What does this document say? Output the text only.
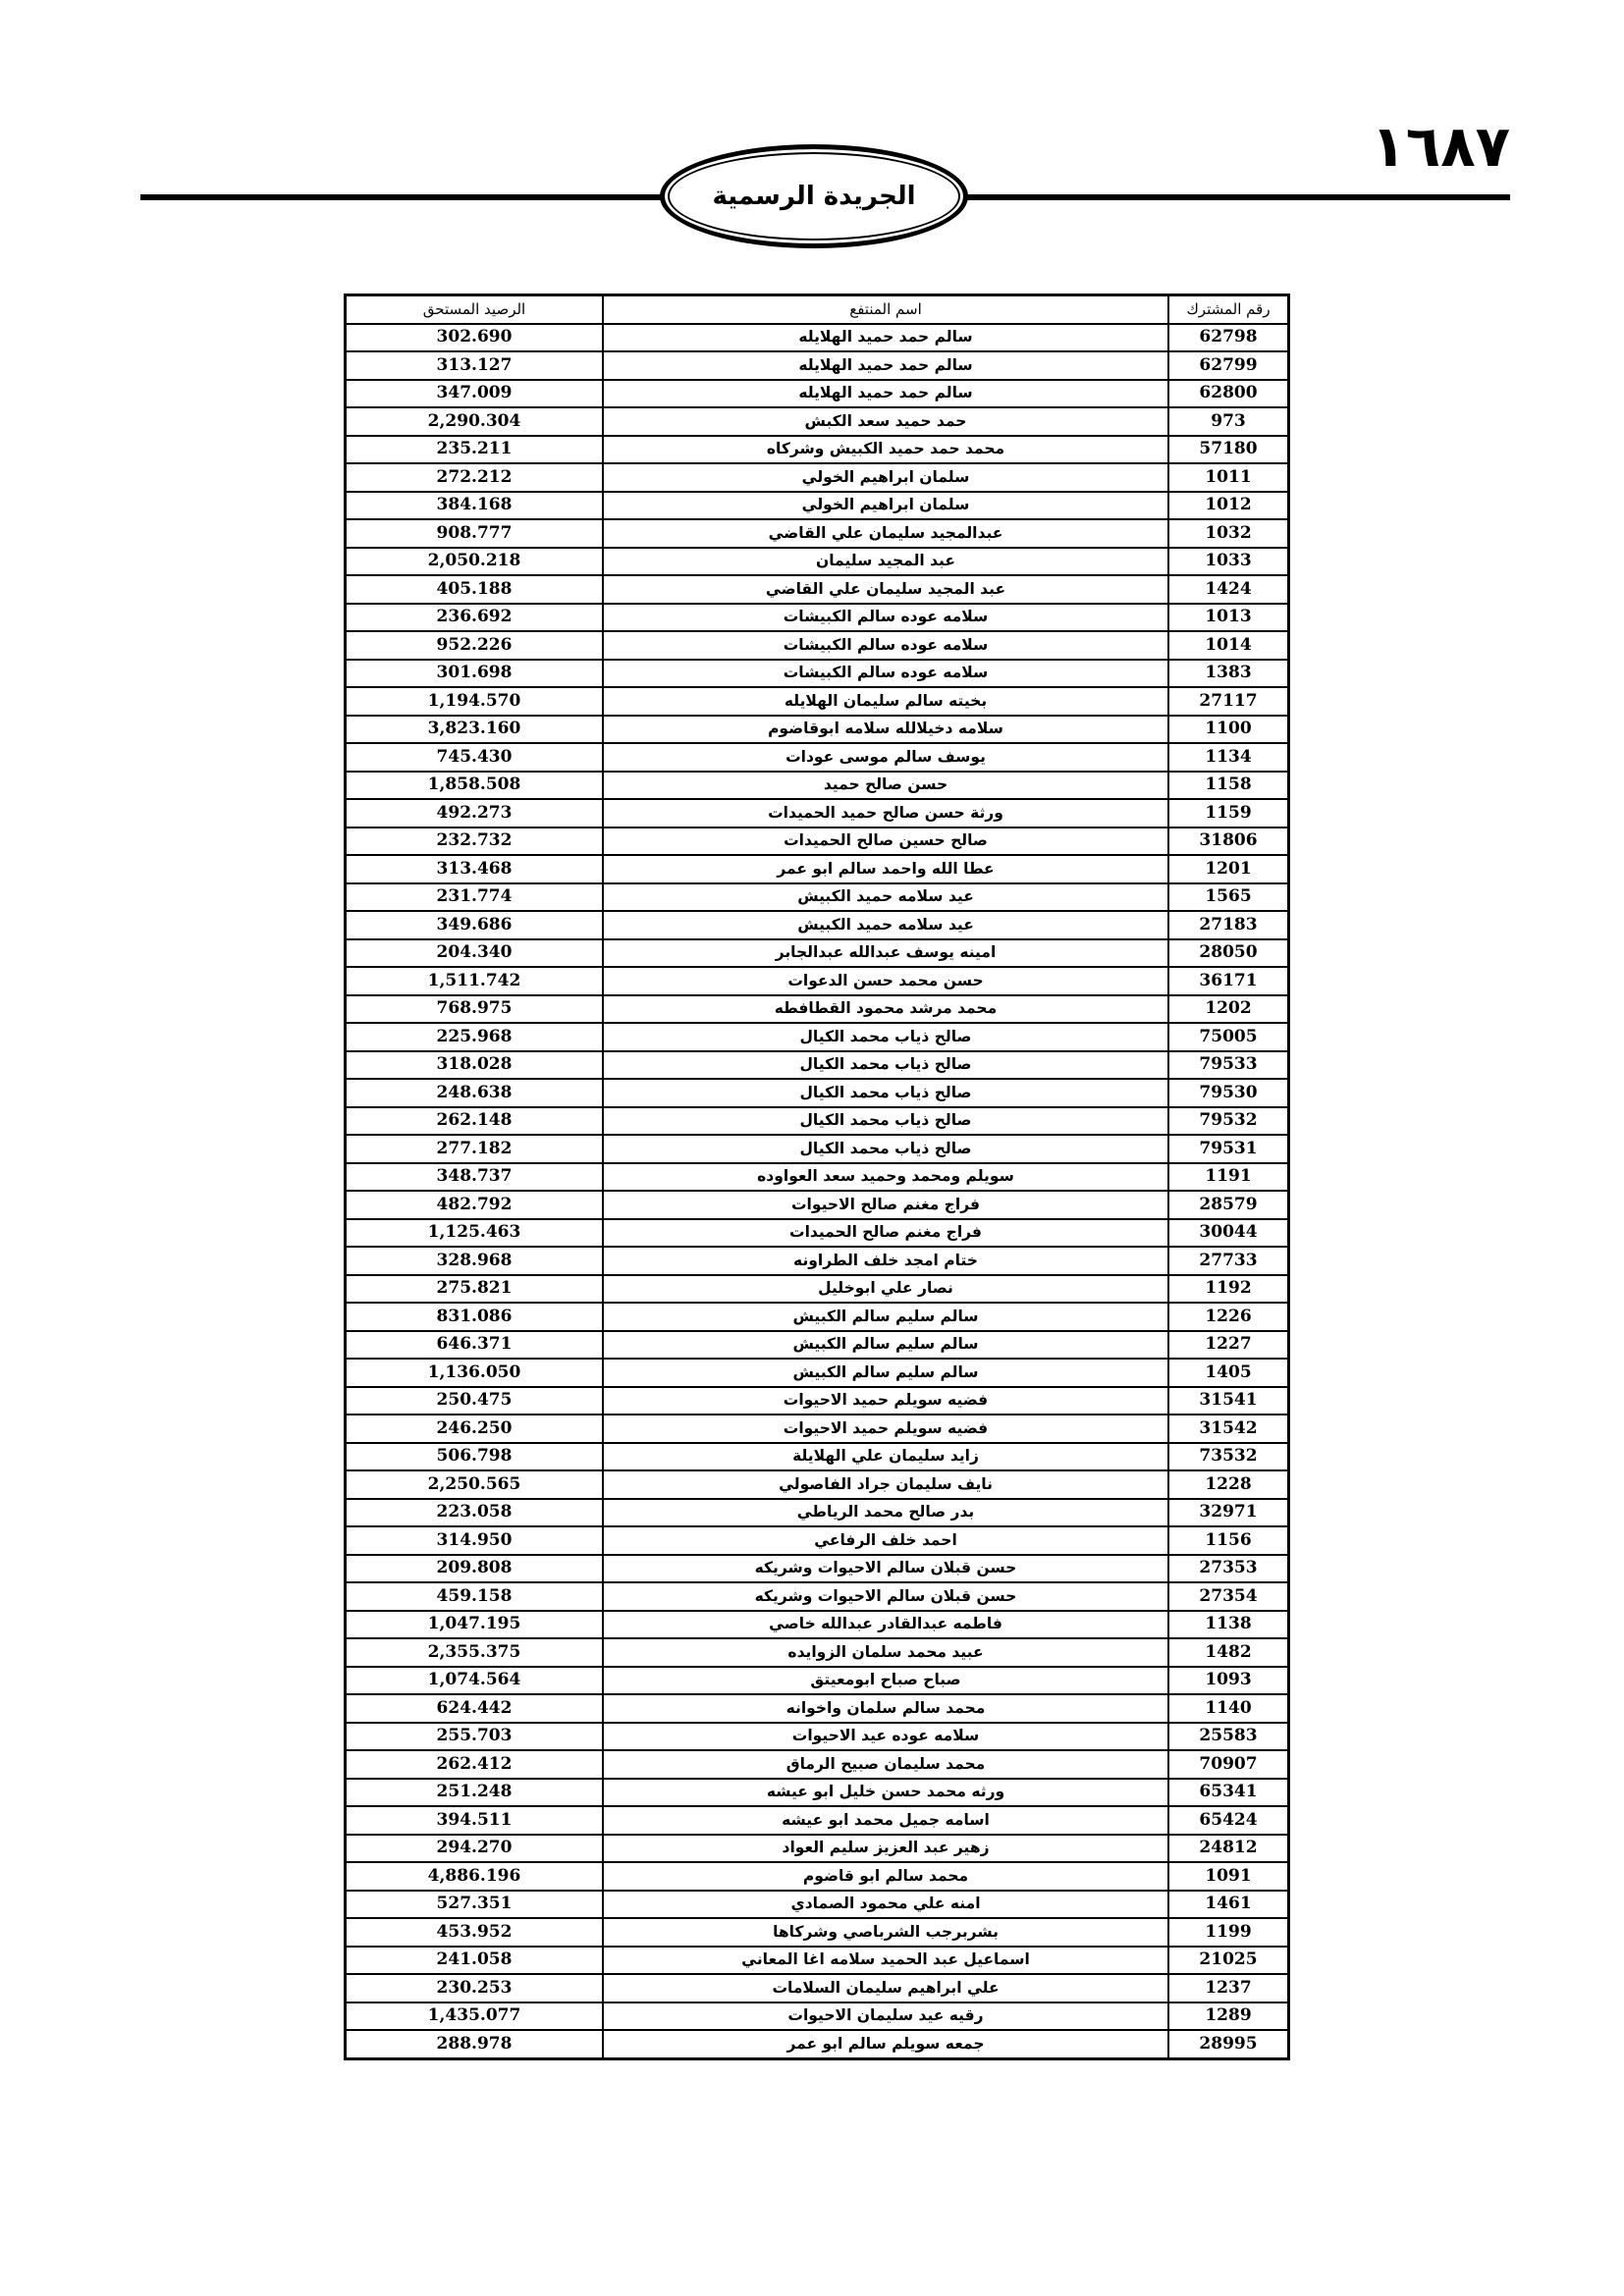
١٦٨٧
الجريدة الرسمية
رقم المشترك	اسم المنتفع	الرصيد المستحق
62798	سالم حمد حميد الهلايله	302.690
62799	سالم حمد حميد الهلايله	313.127
62800	سالم حمد حميد الهلايله	347.009
973	حمد حميد سعد الكبش	2,290.304
57180	محمد حمد حميد الكبيش وشركاه	235.211
1011	سلمان ابراهيم الخولي	272.212
1012	سلمان ابراهيم الخولي	384.168
1032	عبدالمجيد سليمان علي القاضي	908.777
1033	عبد المجيد سليمان	2,050.218
1424	عبد المجيد سليمان علي القاضي	405.188
1013	سلامه عوده سالم الكبيشات	236.692
1014	سلامه عوده سالم الكبيشات	952.226
1383	سلامه عوده سالم الكبيشات	301.698
27117	بخيته سالم سليمان الهلايله	1,194.570
1100	سلامه دخيلالله سلامه ابوقاضوم	3,823.160
1134	يوسف سالم موسى عودات	745.430
1158	حسن صالح حميد	1,858.508
1159	ورثة حسن صالح حميد الحميدات	492.273
31806	صالح حسين صالح الحميدات	232.732
1201	عطا الله واحمد سالم ابو عمر	313.468
1565	عيد سلامه حميد الكبيش	231.774
27183	عيد سلامه حميد الكبيش	349.686
28050	امينه يوسف عبدالله عبدالجابر	204.340
36171	حسن محمد حسن الدعوات	1,511.742
1202	محمد مرشد محمود القطافطه	768.975
75005	صالح ذياب محمد الكيال	225.968
79533	صالح ذياب محمد الكيال	318.028
79530	صالح ذياب محمد الكيال	248.638
79532	صالح ذياب محمد الكيال	262.148
79531	صالح ذياب محمد الكيال	277.182
1191	سويلم ومحمد وحميد سعد العواوده	348.737
28579	فراج مغنم صالح الاحيوات	482.792
30044	فراج مغنم صالح الحميدات	1,125.463
27733	ختام امجد خلف الطراونه	328.968
1192	نصار علي ابوخليل	275.821
1226	سالم سليم سالم الكبيش	831.086
1227	سالم سليم سالم الكبيش	646.371
1405	سالم سليم سالم الكبيش	1,136.050
31541	فضيه سويلم حميد الاحيوات	250.475
31542	فضيه سويلم حميد الاحيوات	246.250
73532	زايد سليمان علي الهلايلة	506.798
1228	نايف سليمان جراد الفاصولي	2,250.565
32971	بدر صالح محمد الرياطي	223.058
1156	احمد خلف الرفاعي	314.950
27353	حسن قبلان سالم الاحيوات وشريكه	209.808
27354	حسن قبلان سالم الاحيوات وشريكه	459.158
1138	فاطمه عبدالقادر عبدالله خاصي	1,047.195
1482	عبيد محمد سلمان الزوايده	2,355.375
1093	صباح صباح ابومعيتق	1,074.564
1140	محمد سالم سلمان واخوانه	624.442
25583	سلامه عوده عيد الاحيوات	255.703
70907	محمد سليمان صبيح الرماق	262.412
65341	ورثه محمد حسن خليل ابو عيشه	251.248
65424	اسامه جميل محمد ابو عيشه	394.511
24812	زهير عبد العزيز سليم العواد	294.270
1091	محمد سالم ابو قاضوم	4,886.196
1461	امنه علي محمود الصمادي	527.351
1199	بشربرجب الشرباصي وشركاها	453.952
21025	اسماعيل عبد الحميد سلامه اغا المعاني	241.058
1237	علي ابراهيم سليمان السلامات	230.253
1289	رقيه عيد سليمان الاحيوات	1,435.077
28995	جمعه سويلم سالم ابو عمر	288.978
